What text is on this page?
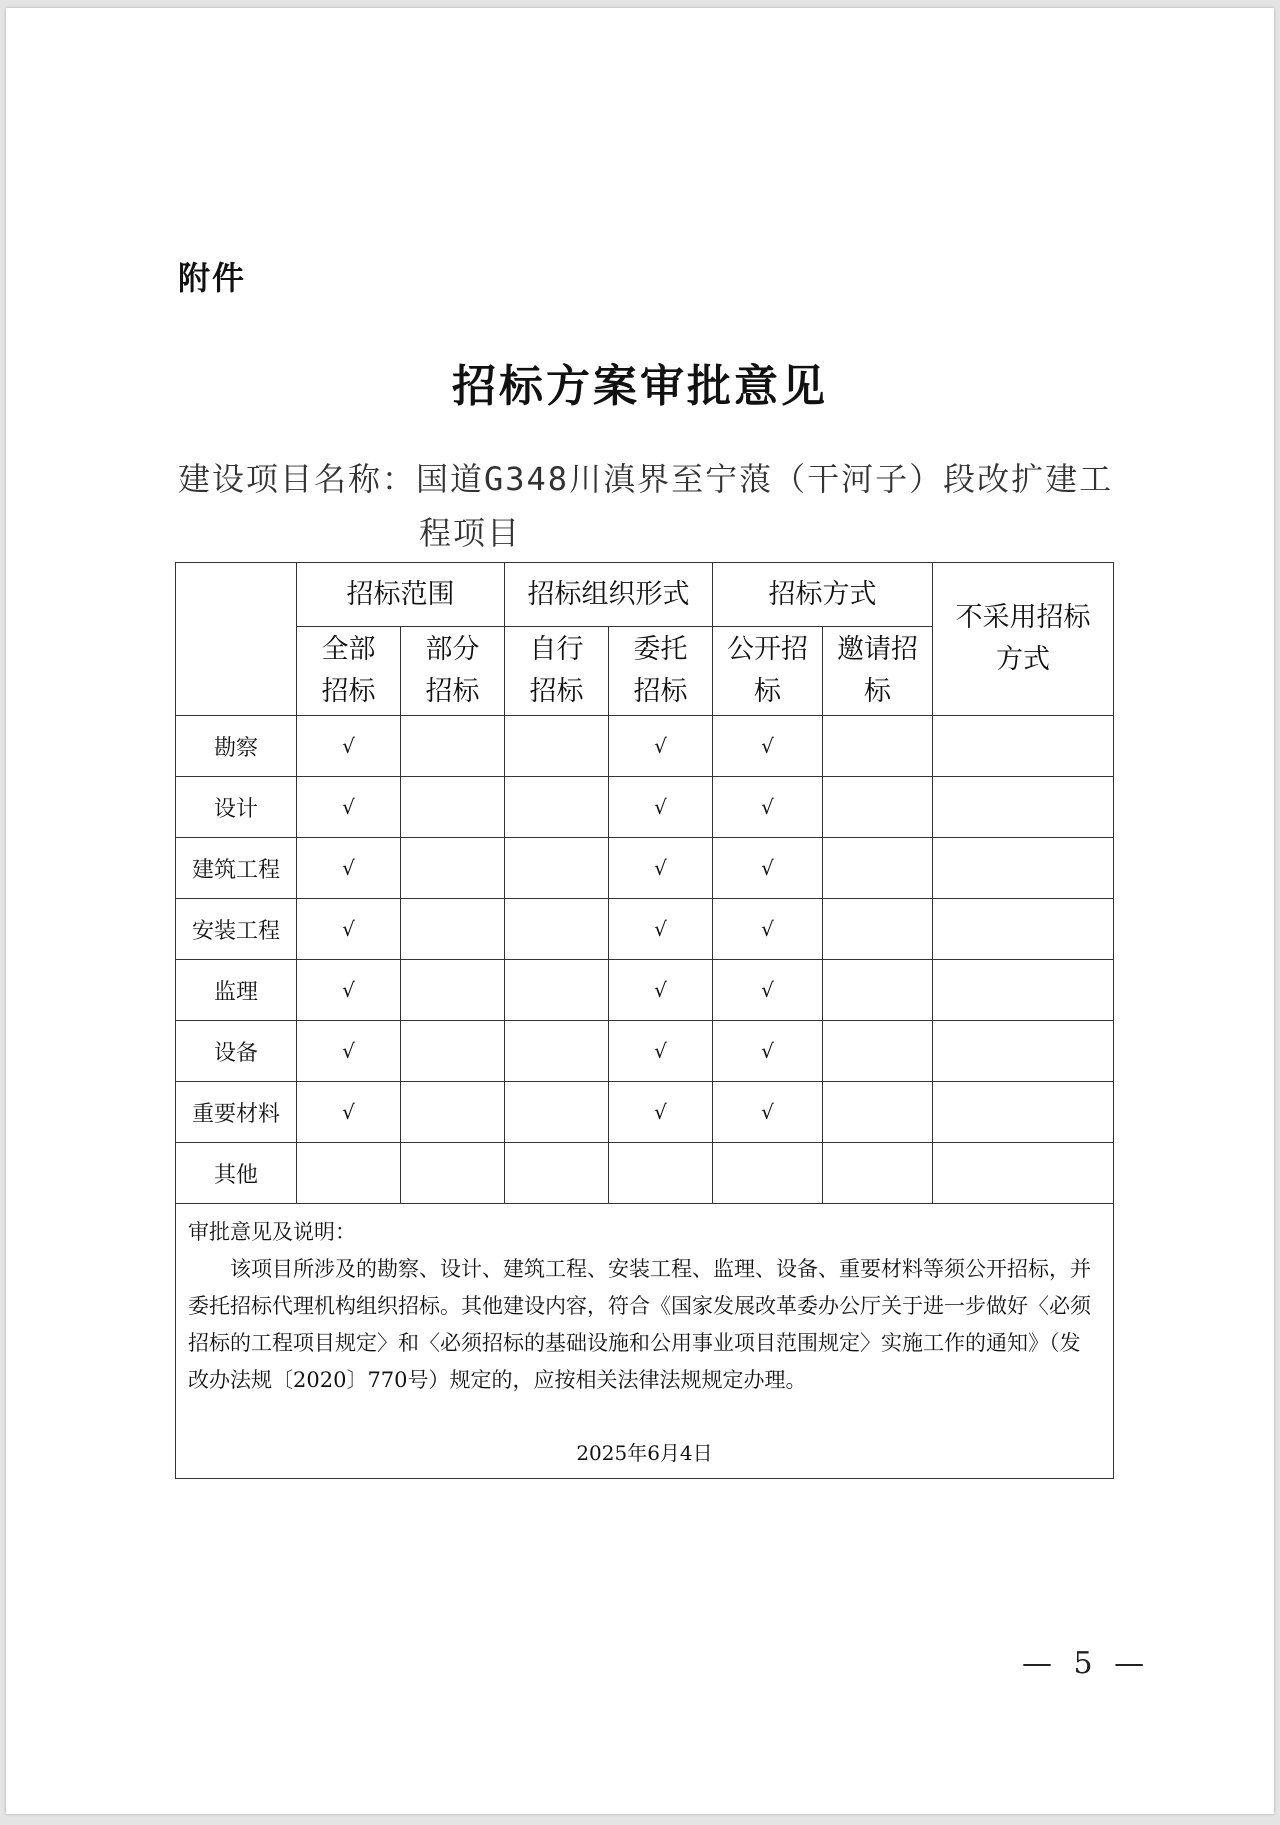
附件
招标方案审批意见
建设项目名称：国道G348川滇界至宁蒗（干河子）段改扩建工
程项目
	招标范围		招标组织形式		招标方式		不采用招标方式
	全部招标	部分招标	自行招标	委托招标	公开招标	邀请招标	
勘察	√			√	√		
设计	√			√	√		
建筑工程	√			√	√		
安装工程	√			√	√		
监理	√			√	√		
设备	√			√	√		
重要材料	√			√	√		
其他							

审批意见及说明：
该项目所涉及的勘察、设计、建筑工程、安装工程、监理、设备、重要材料等须公开招标，并委托招标代理机构组织招标。其他建设内容，符合《国家发展改革委办公厅关于进一步做好〈必须招标的工程项目规定〉和〈必须招标的基础设施和公用事业项目范围规定〉实施工作的通知》（发改办法规〔2020〕770号）规定的，应按相关法律法规规定办理。
2025年6月4日							
— 5 —
